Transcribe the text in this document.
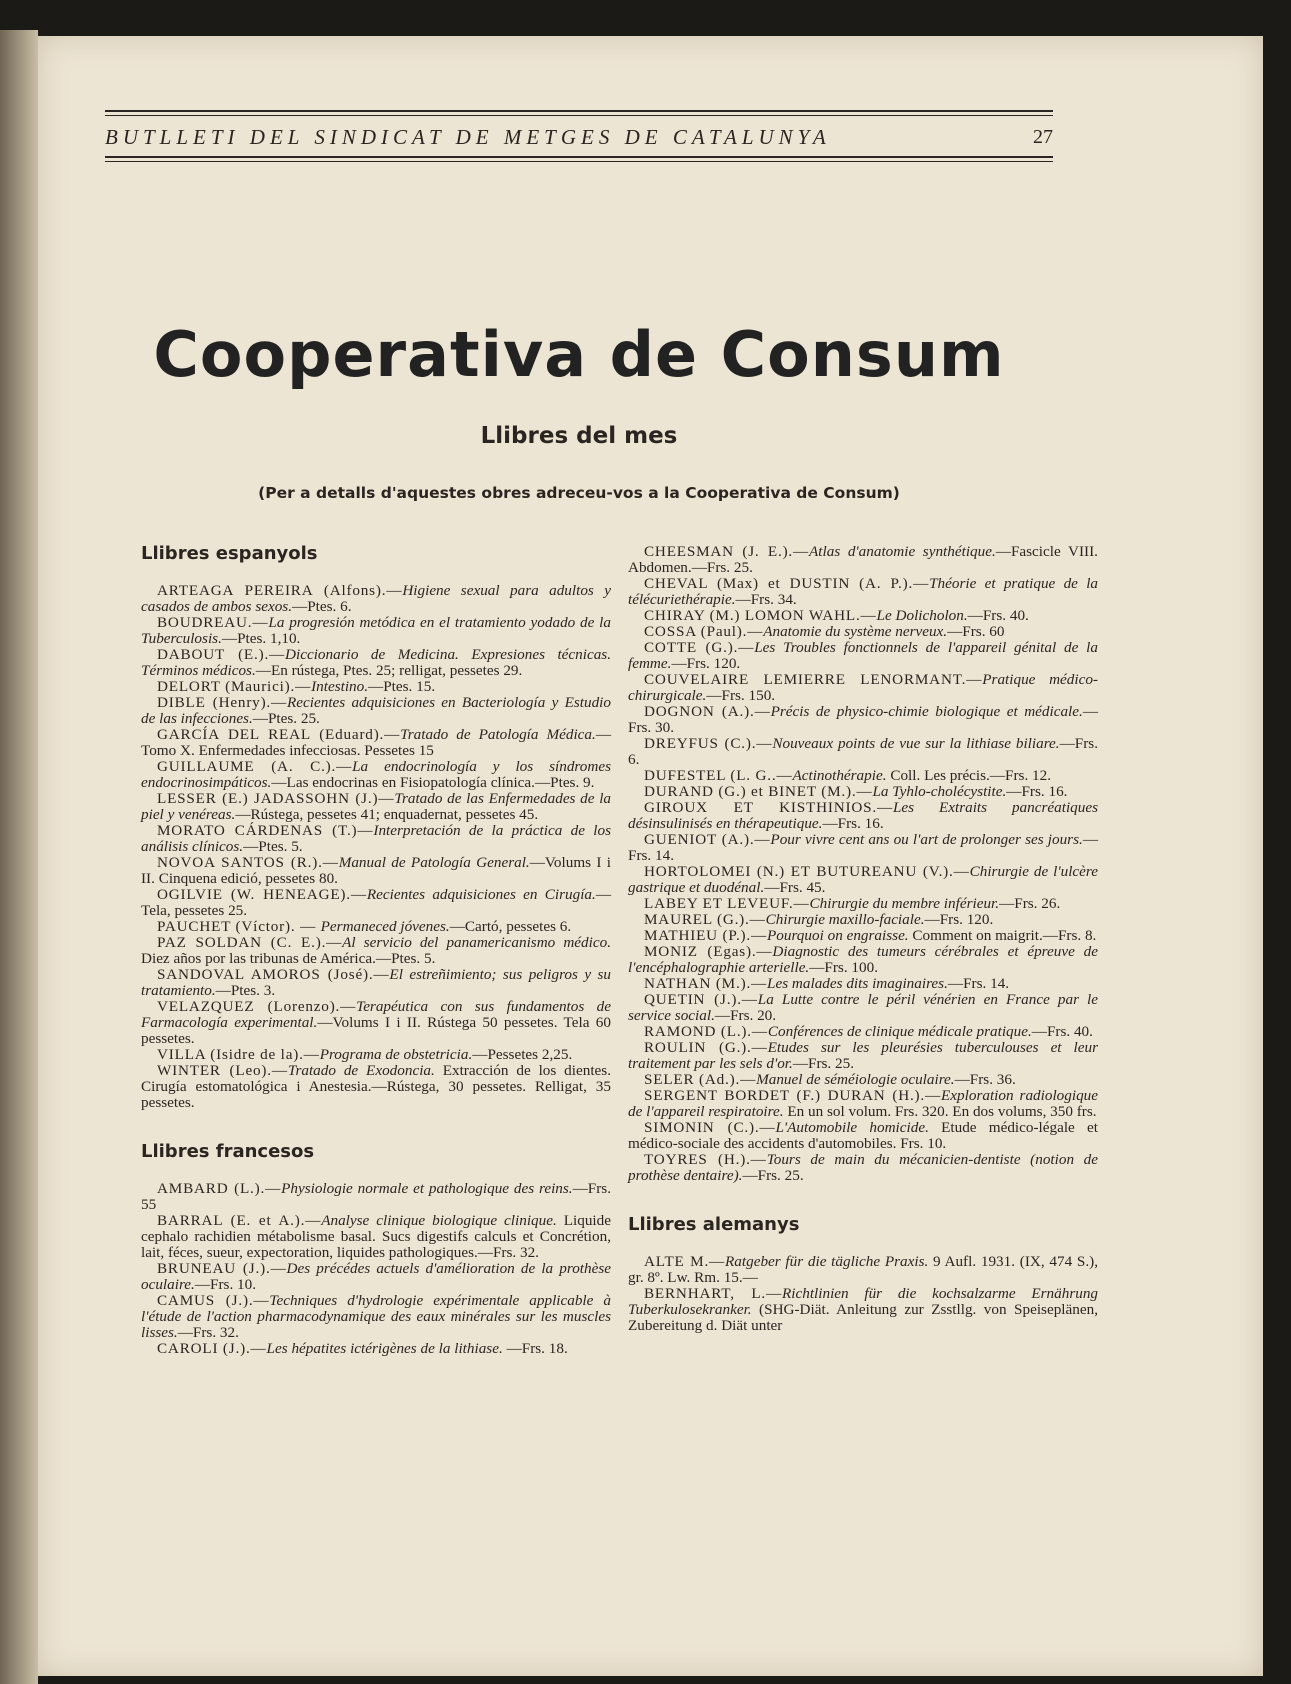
BUTLLETI DEL SINDICAT DE METGES DE CATALUNYA	27
Cooperativa de Consum
Llibres del mes
(Per a detalls d'aquestes obres adreceu-vos a la Cooperativa de Consum)
Llibres espanyols

ARTEAGA PEREIRA (Alfons).—Higiene sexual para adultos y casados de ambos sexos.—Ptes. 6.

BOUDREAU.—La progresión metódica en el tratamiento yodado de la Tuberculosis.—Ptes. 1,10.

DABOUT (E.).—Diccionario de Medicina. Expresiones técnicas. Términos médicos.—En rústega, Ptes. 25; relligat, pessetes 29.

DELORT (Maurici).—Intestino.—Ptes. 15.

DIBLE (Henry).—Recientes adquisiciones en Bacteriología y Estudio de las infecciones.—Ptes. 25.

GARCÍA DEL REAL (Eduard).—Tratado de Patología Médica.—Tomo X. Enfermedades infecciosas. Pessetes 15

GUILLAUME (A. C.).—La endocrinología y los síndromes endocrinosimpáticos.—Las endocrinas en Fisiopatología clínica.—Ptes. 9.

LESSER (E.) JADASSOHN (J.)—Tratado de las Enfermedades de la piel y venéreas.—Rústega, pessetes 41; enquadernat, pessetes 45.

MORATO CÁRDENAS (T.)—Interpretación de la práctica de los análisis clínicos.—Ptes. 5.

NOVOA SANTOS (R.).—Manual de Patología General.—Volums I i II. Cinquena edició, pessetes 80.

OGILVIE (W. HENEAGE).—Recientes adquisiciones en Cirugía.—Tela, pessetes 25.

PAUCHET (Víctor). — Permaneced jóvenes.—Cartó, pessetes 6.

PAZ SOLDAN (C. E.).—Al servicio del panamericanismo médico. Diez años por las tribunas de América.—Ptes. 5.

SANDOVAL AMOROS (José).—El estreñimiento; sus peligros y su tratamiento.—Ptes. 3.

VELAZQUEZ (Lorenzo).—Terapéutica con sus fundamentos de Farmacología experimental.—Volums I i II. Rústega 50 pessetes. Tela 60 pessetes.

VILLA (Isidre de la).—Programa de obstetricia.—Pessetes 2,25.

WINTER (Leo).—Tratado de Exodoncia. Extracción de los dientes. Cirugía estomatológica i Anestesia.—Rústega, 30 pessetes. Relligat, 35 pessetes.

Llibres francesos

AMBARD (L.).—Physiologie normale et pathologique des reins.—Frs. 55

BARRAL (E. et A.).—Analyse clinique biologique clinique. Liquide cephalo rachidien métabolisme basal. Sucs digestifs calculs et Concrétion, lait, féces, sueur, expectoration, liquides pathologiques.—Frs. 32.

BRUNEAU (J.).—Des précédes actuels d'amélioration de la prothèse oculaire.—Frs. 10.

CAMUS (J.).—Techniques d'hydrologie expérimentale applicable à l'étude de l'action pharmacodynamique des eaux minérales sur les muscles lisses.—Frs. 32.

CAROLI (J.).—Les hépatites ictérigènes de la lithiase. —Frs. 18.

CHEESMAN (J. E.).—Atlas d'anatomie synthétique.—Fascicle VIII. Abdomen.—Frs. 25.

CHEVAL (Max) et DUSTIN (A. P.).—Théorie et pratique de la télécuriethérapie.—Frs. 34.

CHIRAY (M.) LOMON WAHL.—Le Dolicholon.—Frs. 40.

COSSA (Paul).—Anatomie du système nerveux.—Frs. 60

COTTE (G.).—Les Troubles fonctionnels de l'appareil génital de la femme.—Frs. 120.

COUVELAIRE LEMIERRE LENORMANT.—Pratique médico-chirurgicale.—Frs. 150.

DOGNON (A.).—Précis de physico-chimie biologique et médicale.—Frs. 30.

DREYFUS (C.).—Nouveaux points de vue sur la lithiase biliare.—Frs. 6.

DUFESTEL (L. G..—Actinothérapie. Coll. Les précis.—Frs. 12.

DURAND (G.) et BINET (M.).—La Tyhlo-cholécystite.—Frs. 16.

GIROUX ET KISTHINIOS.—Les Extraits pancréatiques désinsulinisés en thérapeutique.—Frs. 16.

GUENIOT (A.).—Pour vivre cent ans ou l'art de prolonger ses jours.—Frs. 14.

HORTOLOMEI (N.) ET BUTUREANU (V.).—Chirurgie de l'ulcère gastrique et duodénal.—Frs. 45.

LABEY ET LEVEUF.—Chirurgie du membre inférieur.—Frs. 26.

MAUREL (G.).—Chirurgie maxillo-faciale.—Frs. 120.

MATHIEU (P.).—Pourquoi on engraisse. Comment on maigrit.—Frs. 8.

MONIZ (Egas).—Diagnostic des tumeurs cérébrales et épreuve de l'encéphalographie arterielle.—Frs. 100.

NATHAN (M.).—Les malades dits imaginaires.—Frs. 14.

QUETIN (J.).—La Lutte contre le péril vénérien en France par le service social.—Frs. 20.

RAMOND (L.).—Conférences de clinique médicale pratique.—Frs. 40.

ROULIN (G.).—Etudes sur les pleurésies tuberculouses et leur traitement par les sels d'or.—Frs. 25.

SELER (Ad.).—Manuel de séméiologie oculaire.—Frs. 36.

SERGENT BORDET (F.) DURAN (H.).—Exploration radiologique de l'appareil respiratoire. En un sol volum. Frs. 320. En dos volums, 350 frs.

SIMONIN (C.).—L'Automobile homicide. Etude médico-légale et médico-sociale des accidents d'automobiles. Frs. 10.

TOYRES (H.).—Tours de main du mécanicien-dentiste (notion de prothèse dentaire).—Frs. 25.

Llibres alemanys

ALTE M.—Ratgeber für die tägliche Praxis. 9 Aufl. 1931. (IX, 474 S.), gr. 8º. Lw. Rm. 15.—

BERNHART, L.—Richtlinien für die kochsalzarme Ernährung Tuberkulosekranker. (SHG-Diät. Anleitung zur Zsstllg. von Speiseplänen, Zubereitung d. Diät unter
